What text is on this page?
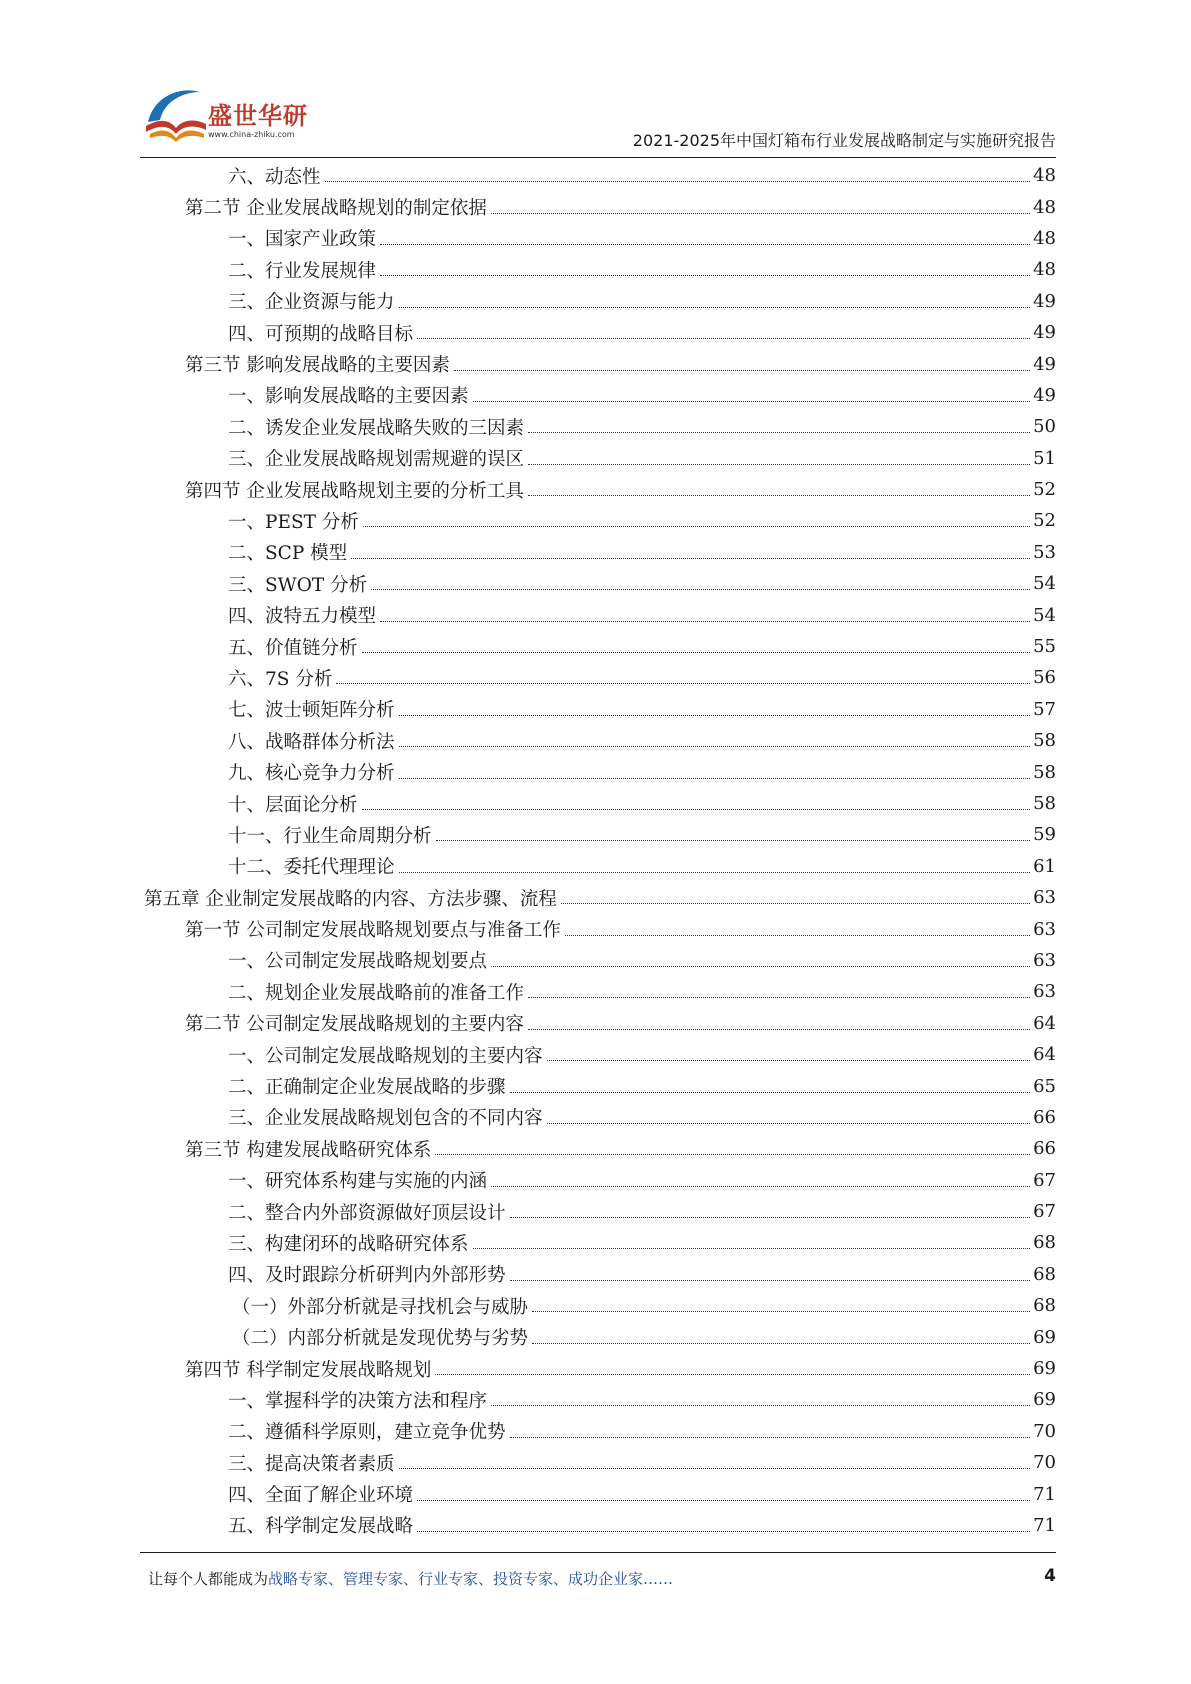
盛世华研
www.china-zhiku.com	2021-2025年中国灯箱布行业发展战略制定与实施研究报告
六、动态性	48
第二节 企业发展战略规划的制定依据	48
一、国家产业政策	48
二、行业发展规律	48
三、企业资源与能力	49
四、可预期的战略目标	49
第三节 影响发展战略的主要因素	49
一、影响发展战略的主要因素	49
二、诱发企业发展战略失败的三因素	50
三、企业发展战略规划需规避的误区	51
第四节 企业发展战略规划主要的分析工具	52
一、PEST 分析	52
二、SCP 模型	53
三、SWOT 分析	54
四、波特五力模型	54
五、价值链分析	55
六、7S 分析	56
七、波士顿矩阵分析	57
八、战略群体分析法	58
九、核心竞争力分析	58
十、层面论分析	58
十一、行业生命周期分析	59
十二、委托代理理论	61
第五章 企业制定发展战略的内容、方法步骤、流程	63
第一节 公司制定发展战略规划要点与准备工作	63
一、公司制定发展战略规划要点	63
二、规划企业发展战略前的准备工作	63
第二节 公司制定发展战略规划的主要内容	64
一、公司制定发展战略规划的主要内容	64
二、正确制定企业发展战略的步骤	65
三、企业发展战略规划包含的不同内容	66
第三节 构建发展战略研究体系	66
一、研究体系构建与实施的内涵	67
二、整合内外部资源做好顶层设计	67
三、构建闭环的战略研究体系	68
四、及时跟踪分析研判内外部形势	68
（一）外部分析就是寻找机会与威胁	68
（二）内部分析就是发现优势与劣势	69
第四节 科学制定发展战略规划	69
一、掌握科学的决策方法和程序	69
二、遵循科学原则，建立竞争优势	70
三、提高决策者素质	70
四、全面了解企业环境	71
五、科学制定发展战略	71
让每个人都能成为战略专家、管理专家、行业专家、投资专家、成功企业家……	4
